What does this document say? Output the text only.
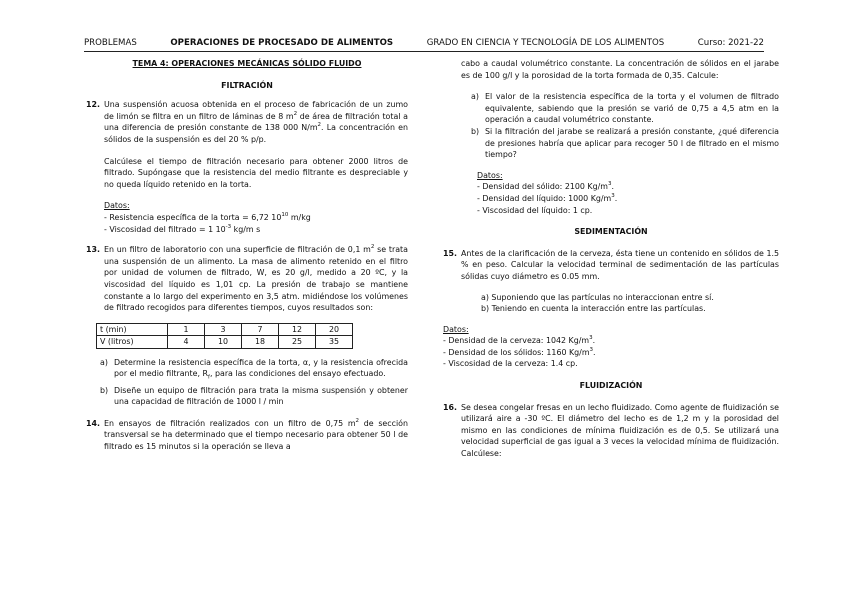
PROBLEMAS	OPERACIONES DE PROCESADO DE ALIMENTOS	GRADO EN CIENCIA Y TECNOLOGÍA DE LOS ALIMENTOS	Curso: 2021-22
TEMA 4: OPERACIONES MECÁNICAS SÓLIDO FLUIDO
FILTRACIÓN
12. Una suspensión acuosa obtenida en el proceso de fabricación de un zumo de limón se filtra en un filtro de láminas de 8 $m^2$ de área de filtración total a una diferencia de presión constante de 138 000 $N/m^2$. La concentración en sólidos de la suspensión es del 20 % p/p.
Calcúlese el tiempo de filtración necesario para obtener 2000 litros de filtrado. Supóngase que la resistencia del medio filtrante es despreciable y no queda líquido retenido en la torta.
Datos:
- Resistencia específica de la torta = 6,72 $10^{10}$ m/kg
- Viscosidad del filtrado = 1 $10^{-3}$ kg/m s
13. En un filtro de laboratorio con una superficie de filtración de 0,1 $m^2$ se trata una suspensión de un alimento. La masa de alimento retenido en el filtro por unidad de volumen de filtrado, W, es 20 g/l, medido a 20 ºC, y la viscosidad del líquido es 1,01 cp. La presión de trabajo se mantiene constante a lo largo del experimento en 3,5 atm. midiéndose los volúmenes de filtrado recogidos para diferentes tiempos, cuyos resultados son:
t (min)	1	3	7	12	20
V (litros)	4	10	18	25	35
a) Determine la resistencia específica de la torta, α, y la resistencia ofrecida por el medio filtrante, $R_f$, para las condiciones del ensayo efectuado.
b) Diseñe un equipo de filtración para trata la misma suspensión y obtener una capacidad de filtración de 1000 l / min
14. En ensayos de filtración realizados con un filtro de 0,75 $m^2$ de sección transversal se ha determinado que el tiempo necesario para obtener 50 l de filtrado es 15 minutos si la operación se lleva a
cabo a caudal volumétrico constante. La concentración de sólidos en el jarabe es de 100 g/l y la porosidad de la torta formada de 0,35. Calcule:
a) El valor de la resistencia específica de la torta y el volumen de filtrado equivalente, sabiendo que la presión se varió de 0,75 a 4,5 atm en la operación a caudal volumétrico constante.
b) Si la filtración del jarabe se realizará a presión constante, ¿qué diferencia de presiones habría que aplicar para recoger 50 l de filtrado en el mismo tiempo?
Datos:
- Densidad del sólido: 2100 $Kg/m^3$.
- Densidad del líquido: 1000 $Kg/m^3$.
- Viscosidad del líquido: 1 cp.
SEDIMENTACIÓN
15. Antes de la clarificación de la cerveza, ésta tiene un contenido en sólidos de 1.5 % en peso. Calcular la velocidad terminal de sedimentación de las partículas sólidas cuyo diámetro es 0.05 mm.
a) Suponiendo que las partículas no interaccionan entre sí.
b) Teniendo en cuenta la interacción entre las partículas.
Datos:
- Densidad de la cerveza: 1042 $Kg/m^3$.
- Densidad de los sólidos: 1160 $Kg/m^3$.
- Viscosidad de la cerveza: 1.4 cp.
FLUIDIZACIÓN
16. Se desea congelar fresas en un lecho fluidizado. Como agente de fluidización se utilizará aire a -30 ºC. El diámetro del lecho es de 1,2 m y la porosidad del mismo en las condiciones de mínima fluidización es de 0,5. Se utilizará una velocidad superficial de gas igual a 3 veces la velocidad mínima de fluidización. Calcúlese:
